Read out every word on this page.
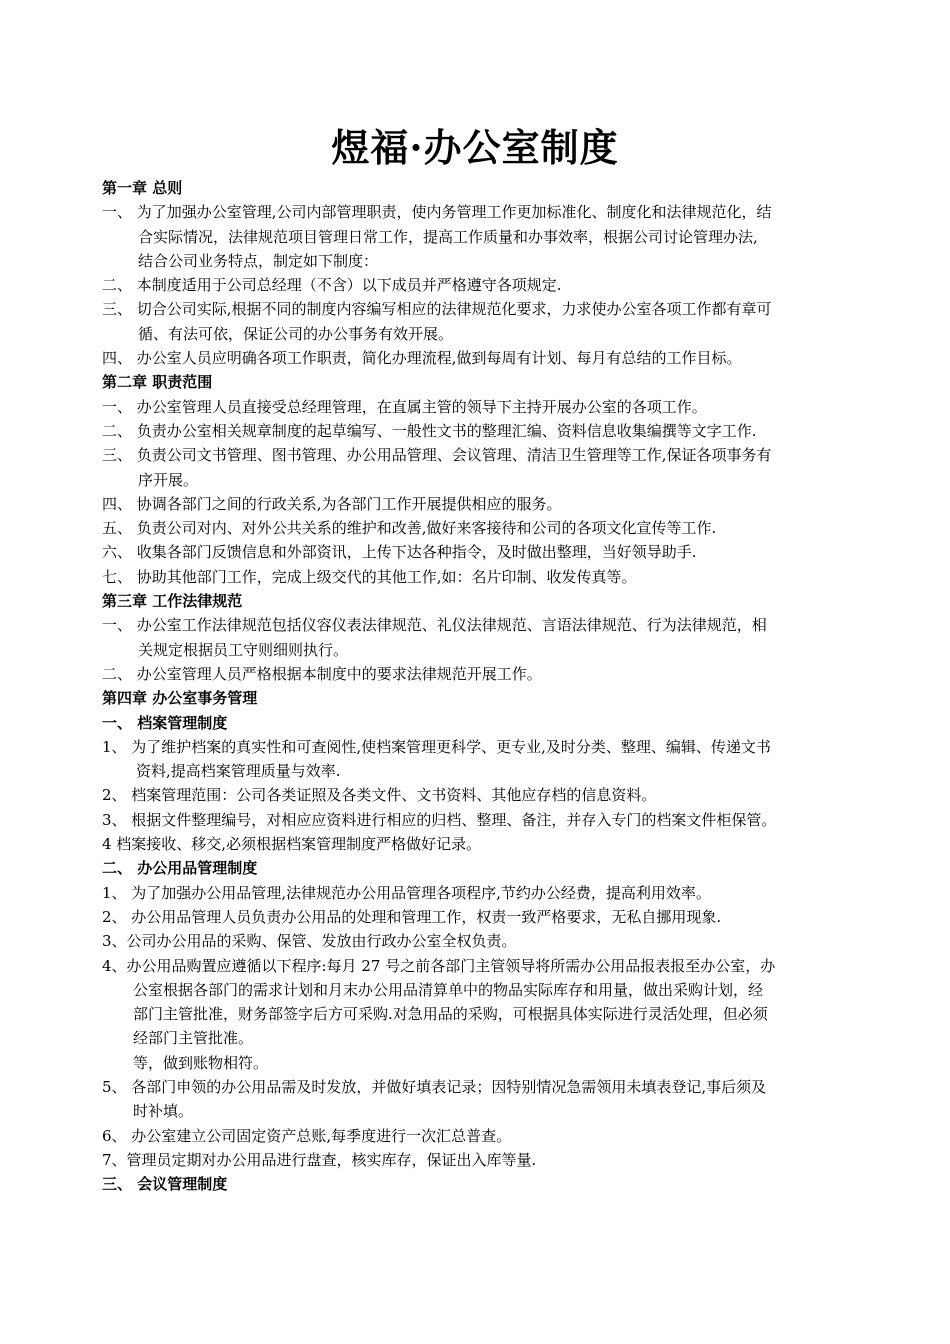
煜福·办公室制度
第一章 总则
一、 为了加强办公室管理,公司内部管理职责，使内务管理工作更加标准化、制度化和法律规范化，结
合实际情况，法律规范项目管理日常工作，提高工作质量和办事效率，根据公司讨论管理办法,
结合公司业务特点，制定如下制度：
二、 本制度适用于公司总经理（不含）以下成员并严格遵守各项规定.
三、 切合公司实际,根据不同的制度内容编写相应的法律规范化要求，力求使办公室各项工作都有章可
循、有法可依，保证公司的办公事务有效开展。
四、 办公室人员应明确各项工作职责，简化办理流程,做到每周有计划、每月有总结的工作目标。
第二章 职责范围
一、 办公室管理人员直接受总经理管理，在直属主管的领导下主持开展办公室的各项工作。
二、 负责办公室相关规章制度的起草编写、一般性文书的整理汇编、资料信息收集编撰等文字工作.
三、 负责公司文书管理、图书管理、办公用品管理、会议管理、清洁卫生管理等工作,保证各项事务有
序开展。
四、 协调各部门之间的行政关系,为各部门工作开展提供相应的服务。
五、 负责公司对内、对外公共关系的维护和改善,做好来客接待和公司的各项文化宣传等工作.
六、 收集各部门反馈信息和外部资讯，上传下达各种指令，及时做出整理，当好领导助手.
七、 协助其他部门工作，完成上级交代的其他工作,如：名片印制、收发传真等。
第三章 工作法律规范
一、 办公室工作法律规范包括仪容仪表法律规范、礼仪法律规范、言语法律规范、行为法律规范，相
关规定根据员工守则细则执行。
二、 办公室管理人员严格根据本制度中的要求法律规范开展工作。
第四章 办公室事务管理
一、 档案管理制度
1、 为了维护档案的真实性和可查阅性,使档案管理更科学、更专业,及时分类、整理、编辑、传递文书
资料,提高档案管理质量与效率.
2、 档案管理范围：公司各类证照及各类文件、文书资料、其他应存档的信息资料。
3、 根据文件整理编号，对相应应资料进行相应的归档、整理、备注，并存入专门的档案文件柜保管。
4 档案接收、移交,必须根据档案管理制度严格做好记录。
二、 办公用品管理制度
1、 为了加强办公用品管理,法律规范办公用品管理各项程序,节约办公经费，提高利用效率。
2、 办公用品管理人员负责办公用品的处理和管理工作，权责一致严格要求，无私自挪用现象.
3、公司办公用品的采购、保管、发放由行政办公室全权负责。
4、办公用品购置应遵循以下程序:每月 27 号之前各部门主管领导将所需办公用品报表报至办公室，办
公室根据各部门的需求计划和月末办公用品清算单中的物品实际库存和用量，做出采购计划，经
部门主管批准，财务部签字后方可采购.对急用品的采购，可根据具体实际进行灵活处理，但必须
经部门主管批准。
等，做到账物相符。
5、 各部门申领的办公用品需及时发放，并做好填表记录；因特别情况急需领用未填表登记,事后须及
时补填。
6、 办公室建立公司固定资产总账,每季度进行一次汇总普查。
7、管理员定期对办公用品进行盘查，核实库存，保证出入库等量.
三、 会议管理制度
